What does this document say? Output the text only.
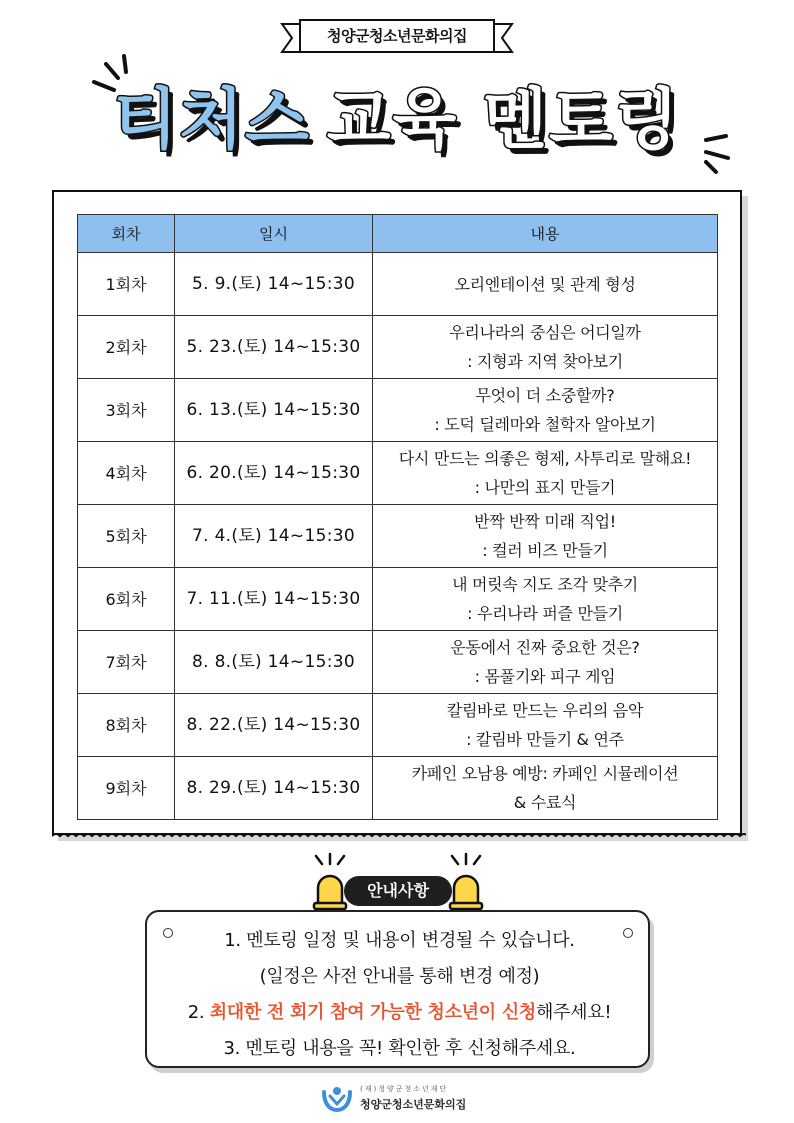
청양군청소년문화의집
티처스 교육 멘토링
회차	일시	내용
1회차	5. 9.(토) 14~15:30	오리엔테이션 및 관계 형성

2회차	5. 23.(토) 14~15:30	우리나라의 중심은 어디일까
: 지형과 지역 찾아보기

3회차	6. 13.(토) 14~15:30	무엇이 더 소중할까?
: 도덕 딜레마와 철학자 알아보기

4회차	6. 20.(토) 14~15:30	다시 만드는 의좋은 형제, 사투리로 말해요!
: 나만의 표지 만들기

5회차	7. 4.(토) 14~15:30	반짝 반짝 미래 직업!
: 컬러 비즈 만들기

6회차	7. 11.(토) 14~15:30	내 머릿속 지도 조각 맞추기
: 우리나라 퍼즐 만들기

7회차	8. 8.(토) 14~15:30	운동에서 진짜 중요한 것은?
: 몸풀기와 피구 게임

8회차	8. 22.(토) 14~15:30	칼림바로 만드는 우리의 음악
: 칼림바 만들기 & 연주

9회차	8. 29.(토) 14~15:30	카페인 오남용 예방: 카페인 시뮬레이션
& 수료식
안내사항
1. 멘토링 일정 및 내용이 변경될 수 있습니다.
(일정은 사전 안내를 통해 변경 예정)
2. 최대한 전 회기 참여 가능한 청소년이 신청해주세요!
3. 멘토링 내용을 꼭! 확인한 후 신청해주세요.
(재)청양군청소년재단
청양군청소년문화의집
